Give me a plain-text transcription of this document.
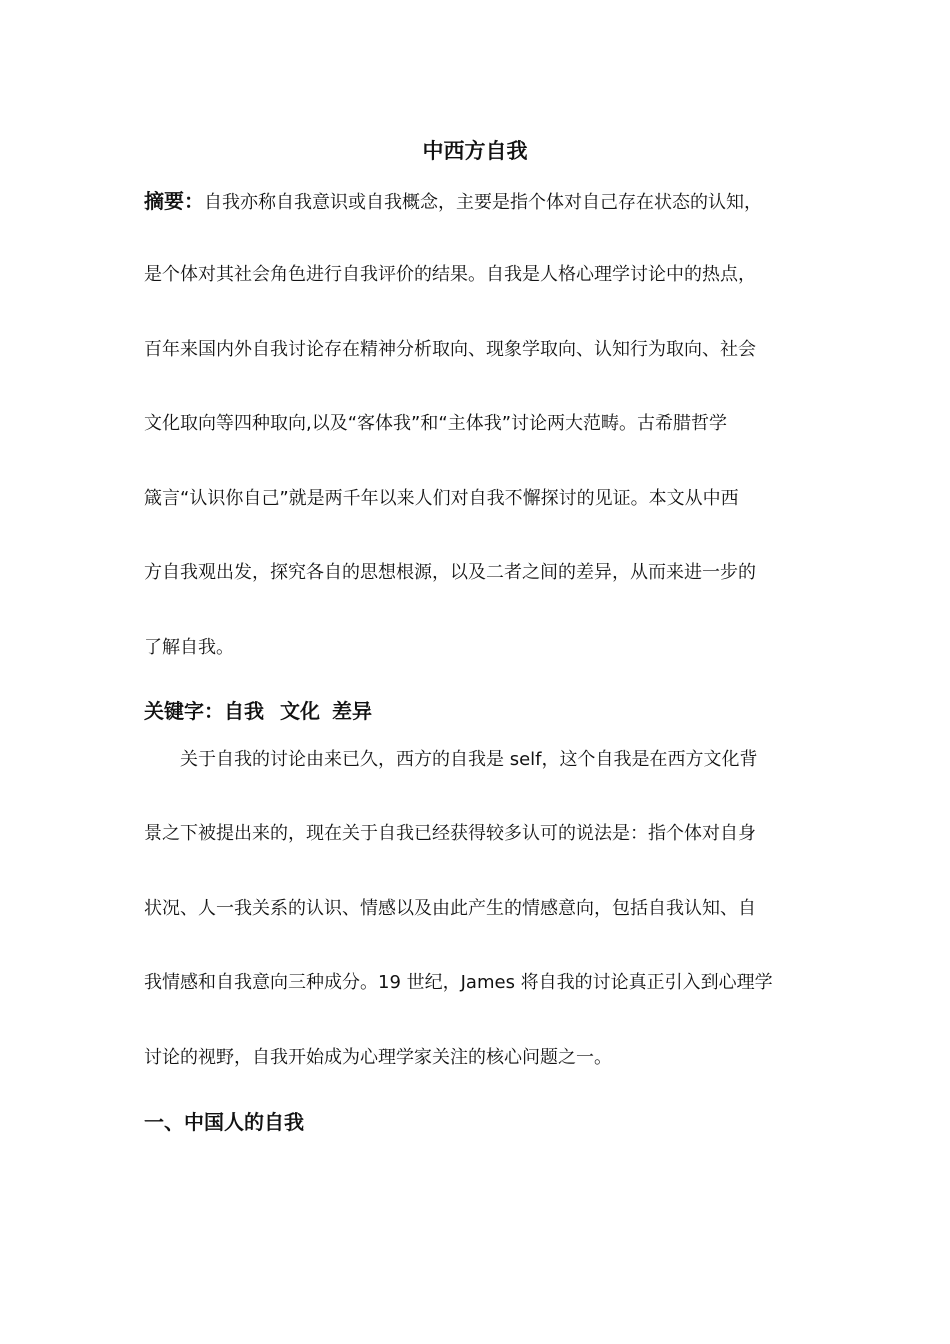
中西方自我
摘要：自我亦称自我意识或自我概念，主要是指个体对自己存在状态的认知，
是个体对其社会角色进行自我评价的结果。自我是人格心理学讨论中的热点，
百年来国内外自我讨论存在精神分析取向、现象学取向、认知行为取向、社会
文化取向等四种取向,以及“客体我”和“主体我”讨论两大范畴。古希腊哲学
箴言“认识你自己”就是两千年以来人们对自我不懈探讨的见证。本文从中西
方自我观出发，探究各自的思想根源，以及二者之间的差异，从而来进一步的
了解自我。
关键字：自我 文化 差异
关于自我的讨论由来已久，西方的自我是 self，这个自我是在西方文化背
景之下被提出来的，现在关于自我已经获得较多认可的说法是：指个体对自身
状况、人一我关系的认识、情感以及由此产生的情感意向，包括自我认知、自
我情感和自我意向三种成分。19 世纪，James 将自我的讨论真正引入到心理学
讨论的视野，自我开始成为心理学家关注的核心问题之一。
一、中国人的自我
